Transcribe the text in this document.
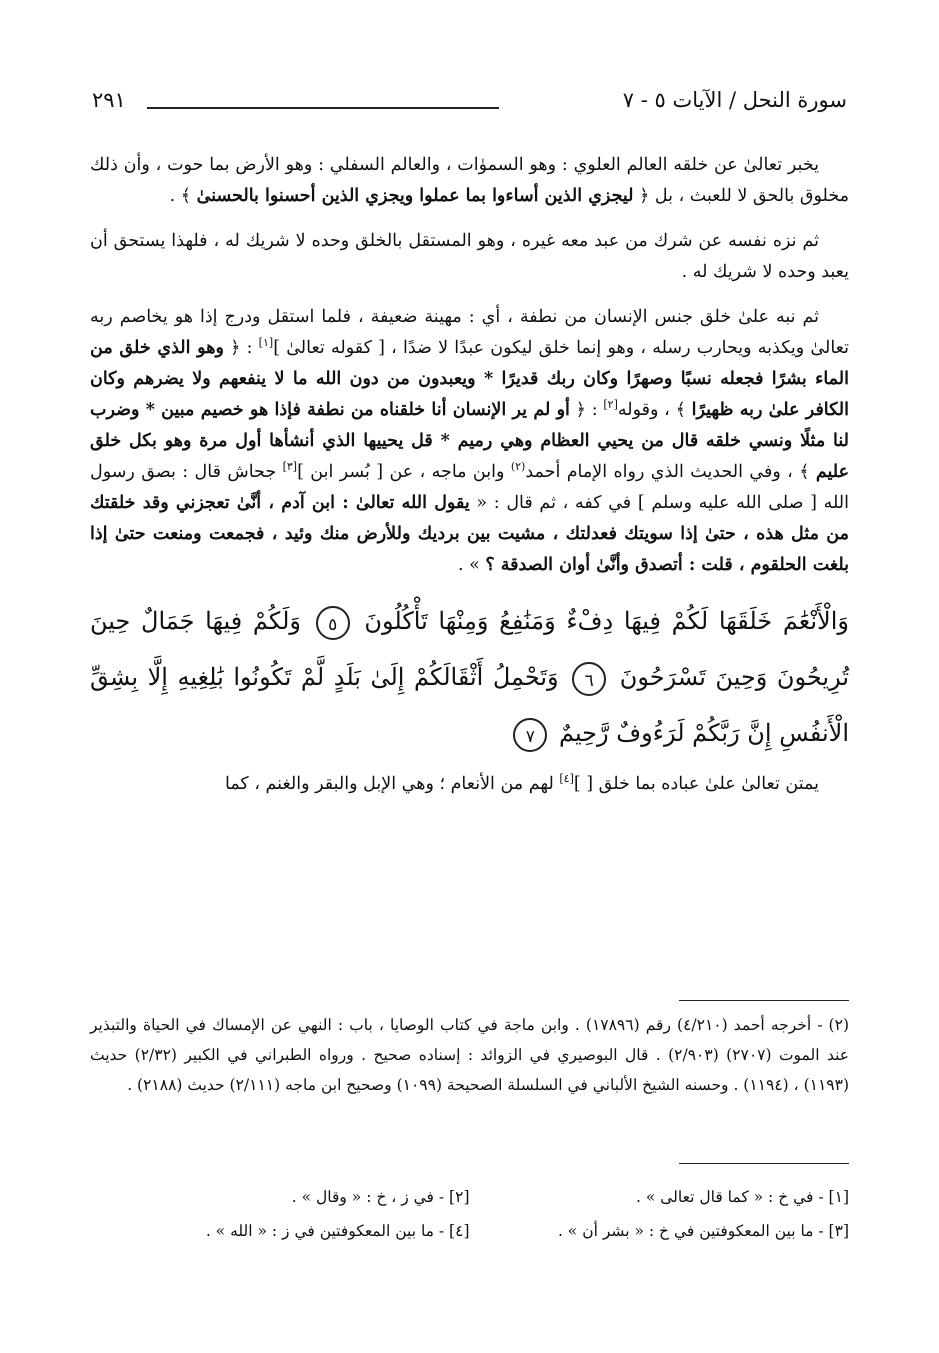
سورة النحل / الآيات ٥ - ٧
٢٩١

يخبر تعالىٰ عن خلقه العالم العلوي : وهو السموٰات ، والعالم السفلي : وهو الأرض بما حوت ، وأن ذلك مخلوق بالحق لا للعبث ، بل ﴿ ليجزي الذين أساءوا بما عملوا ويجزي الذين أحسنوا بالحسنىٰ ﴾ .

ثم نزه نفسه عن شرك من عبد معه غيره ، وهو المستقل بالخلق وحده لا شريك له ، فلهذا يستحق أن يعبد وحده لا شريك له .

ثم نبه علىٰ خلق جنس الإنسان من نطفة ، أي : مهينة ضعيفة ، فلما استقل ودرج إذا هو يخاصم ربه تعالىٰ ويكذبه ويحارب رسله ، وهو إنما خلق ليكون عبدًا لا ضدًا ، [ كقوله تعالىٰ ][١] : ﴿ وهو الذي خلق من الماء بشرًا فجعله نسبًا وصهرًا وكان ربك قديرًا * ويعبدون من دون الله ما لا ينفعهم ولا يضرهم وكان الكافر علىٰ ربه ظهيرًا ﴾ ، وقوله[٢] : ﴿ أو لم ير الإنسان أنا خلقناه من نطفة فإذا هو خصيم مبين * وضرب لنا مثلًا ونسي خلقه قال من يحيي العظام وهي رميم * قل يحييها الذي أنشأها أول مرة وهو بكل خلق عليم ﴾ ، وفي الحديث الذي رواه الإمام أحمد$^{(٢)}$ وابن ماجه ، عن [ بُسر ابن ][٣] جحاش قال : بصق رسول الله [ صلى الله عليه وسلم ] في كفه ، ثم قال : « يقول الله تعالىٰ : ابن آدم ، أنَّىٰ تعجزني وقد خلقتك من مثل هذه ، حتىٰ إذا سويتك فعدلتك ، مشيت بين برديك وللأرض منك وئيد ، فجمعت ومنعت حتىٰ إذا بلغت الحلقوم ، قلت : أتصدق وأنَّىٰ أوان الصدقة ؟ » .

وَالْأَنْعَٰمَ خَلَقَهَا لَكُمْ فِيهَا دِفْءٌ وَمَنَٰفِعُ وَمِنْهَا تَأْكُلُونَ ٥ وَلَكُمْ فِيهَا جَمَالٌ حِينَ تُرِيحُونَ وَحِينَ تَسْرَحُونَ ٦ وَتَحْمِلُ أَثْقَالَكُمْ إِلَىٰ بَلَدٍ لَّمْ تَكُونُوا بَٰلِغِيهِ إِلَّا بِشِقِّ الْأَنفُسِ إِنَّ رَبَّكُمْ لَرَءُوفٌ رَّحِيمٌ ٧

يمتن تعالىٰ علىٰ عباده بما خلق [ ][٤] لهم من الأنعام ؛ وهي الإبل والبقر والغنم ، كما

(٢) - أخرجه أحمد (٤/٢١٠) رقم (١٧٨٩٦) . وابن ماجة في كتاب الوصايا ، باب : النهي عن الإمساك في الحياة والتبذير عند الموت (٢٧٠٧) (٢/٩٠٣) . قال البوصيري في الزوائد : إسناده صحيح . ورواه الطبراني في الكبير (٢/٣٢) حديث (١١٩٣) ، (١١٩٤) . وحسنه الشيخ الألباني في السلسلة الصحيحة (١٠٩٩) وصحيح ابن ماجه (٢/١١١) حديث (٢١٨٨) .

[١] - في خ : « كما قال تعالى » .
[٢] - في ز ، خ : « وقال » .
[٣] - ما بين المعكوفتين في خ : « بشر أن » .
[٤] - ما بين المعكوفتين في ز : « الله » .
